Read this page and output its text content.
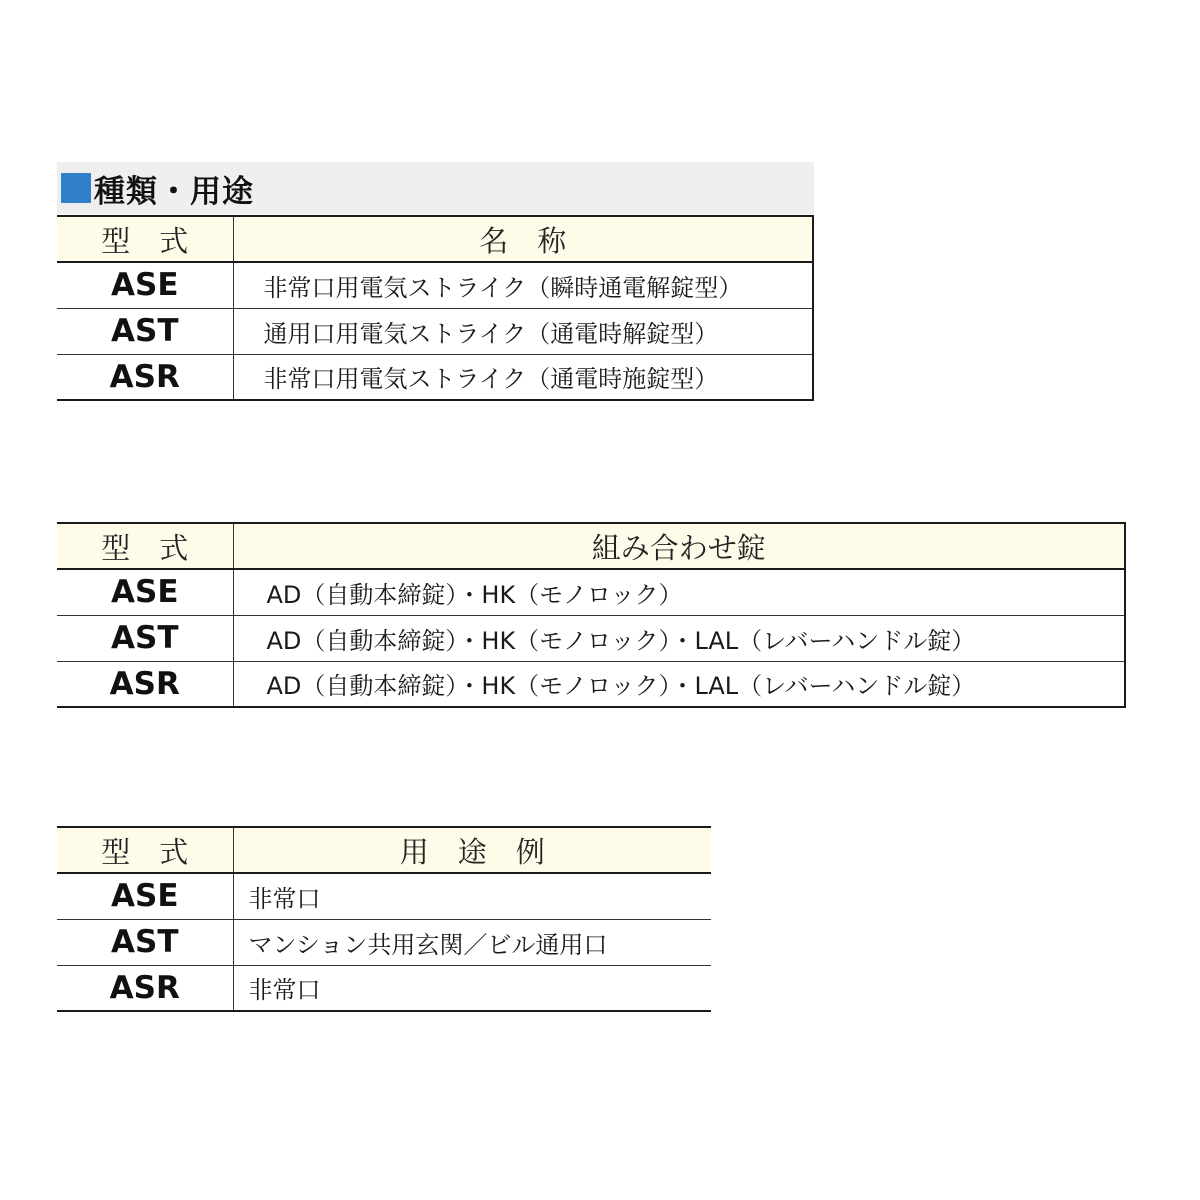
種類・用途
型　式	名　称
ASE	非常口用電気ストライク（瞬時通電解錠型）
AST	通用口用電気ストライク（通電時解錠型）
ASR	非常口用電気ストライク（通電時施錠型）
型　式	組み合わせ錠
ASE	AD（自動本締錠）・HK（モノロック）
AST	AD（自動本締錠）・HK（モノロック）・LAL（レバーハンドル錠）
ASR	AD（自動本締錠）・HK（モノロック）・LAL（レバーハンドル錠）
型　式	用　途　例
ASE	非常口
AST	マンション共用玄関／ビル通用口
ASR	非常口
